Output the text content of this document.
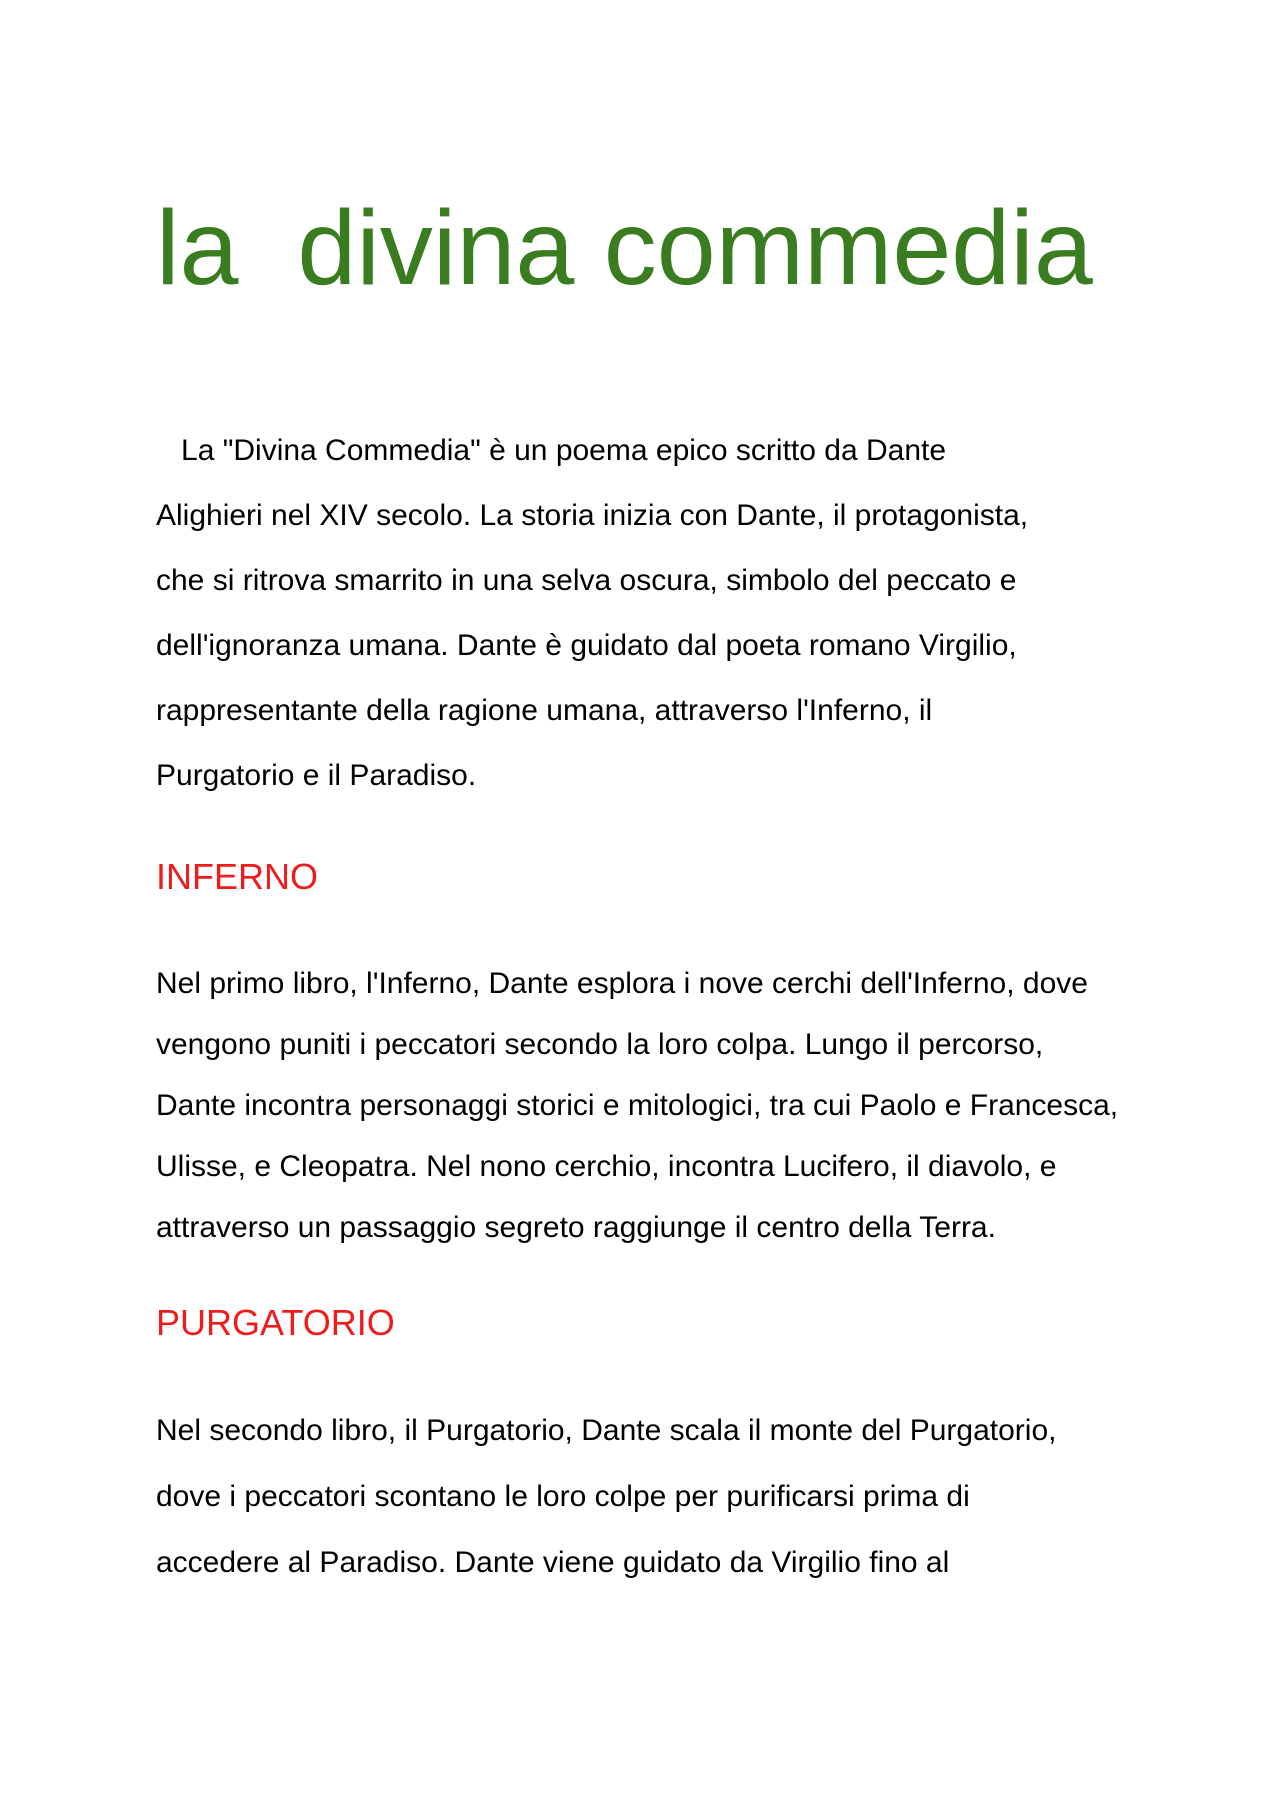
la  divina commedia
La "Divina Commedia" è un poema epico scritto da Dante
Alighieri nel XIV secolo. La storia inizia con Dante, il protagonista,
che si ritrova smarrito in una selva oscura, simbolo del peccato e
dell'ignoranza umana. Dante è guidato dal poeta romano Virgilio,
rappresentante della ragione umana, attraverso l'Inferno, il
Purgatorio e il Paradiso.
INFERNO
Nel primo libro, l'Inferno, Dante esplora i nove cerchi dell'Inferno, dove
vengono puniti i peccatori secondo la loro colpa. Lungo il percorso,
Dante incontra personaggi storici e mitologici, tra cui Paolo e Francesca,
Ulisse, e Cleopatra. Nel nono cerchio, incontra Lucifero, il diavolo, e
attraverso un passaggio segreto raggiunge il centro della Terra.
PURGATORIO
Nel secondo libro, il Purgatorio, Dante scala il monte del Purgatorio,
dove i peccatori scontano le loro colpe per purificarsi prima di
accedere al Paradiso. Dante viene guidato da Virgilio fino al
